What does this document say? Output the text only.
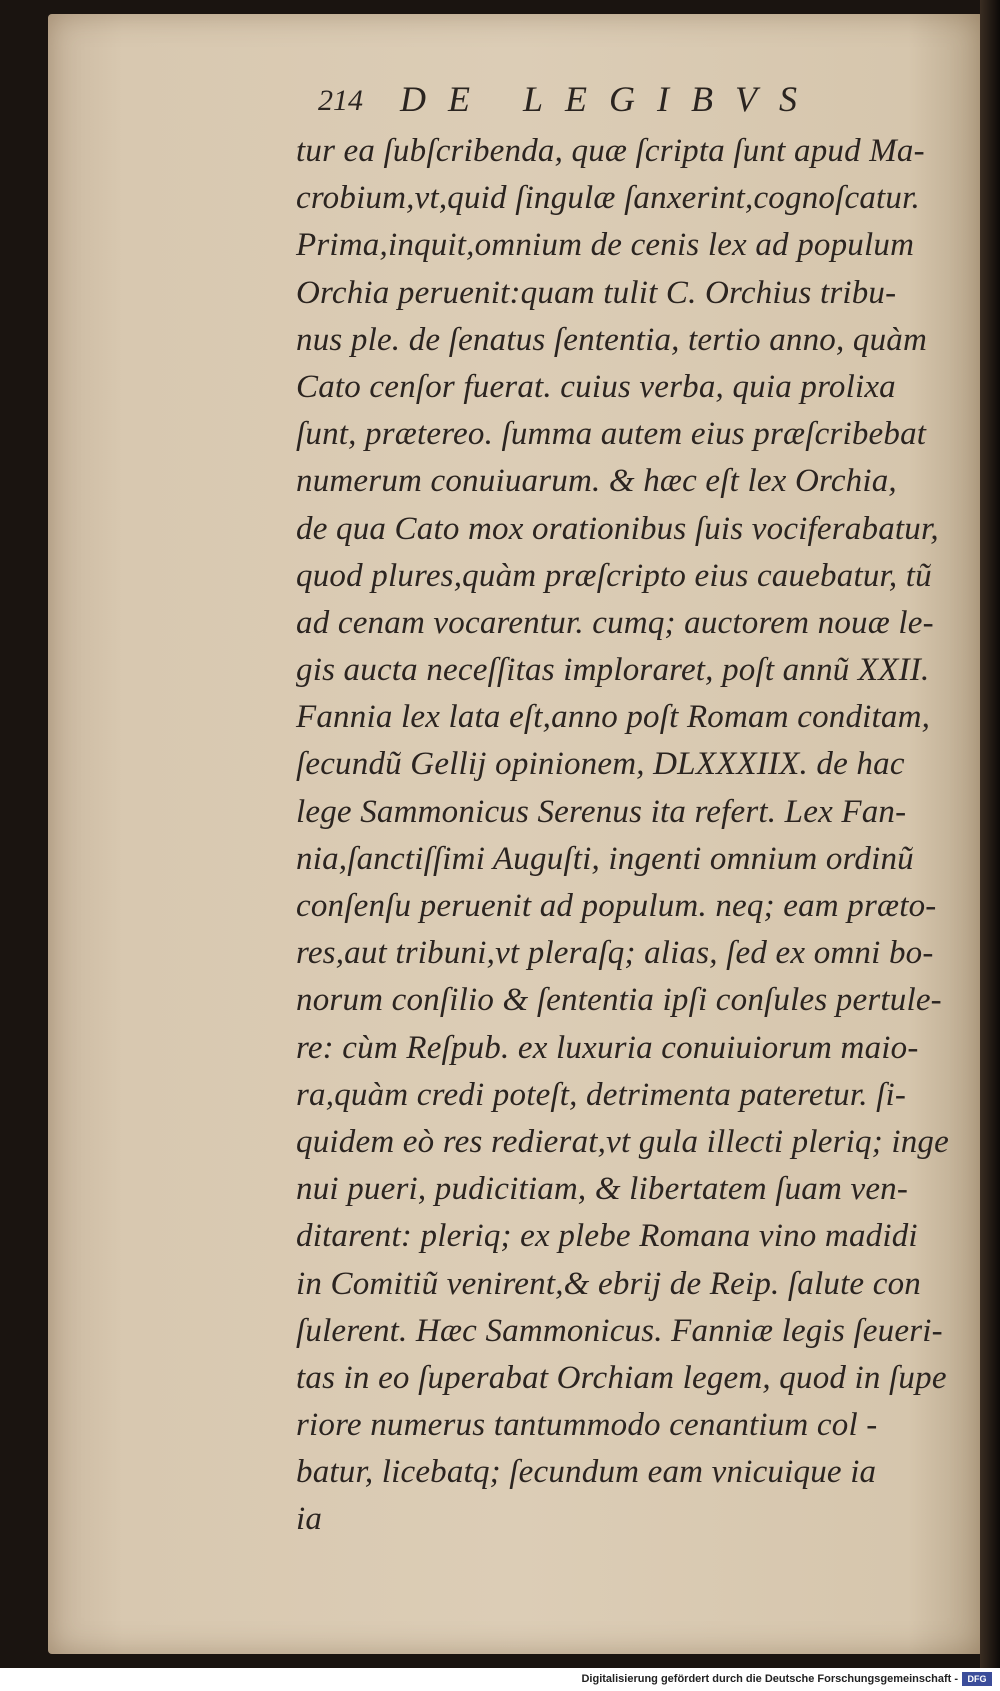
214 DE LEGIBVS
tur ea ſubſcribenda, quæ ſcripta ſunt apud Ma-
crobium,vt,quid ſingulæ ſanxerint,cognoſcatur.
Prima,inquit,omnium de cenis lex ad populum
Orchia peruenit:quam tulit C. Orchius tribu-
nus ple. de ſenatus ſententia, tertio anno, quàm
Cato cenſor fuerat. cuius verba, quia prolixa
ſunt, prætereo. ſumma autem eius præſcribebat
numerum conuiuarum. & hæc eſt lex Orchia,
de qua Cato mox orationibus ſuis vociferabatur,
quod plures,quàm præſcripto eius cauebatur, tũ
ad cenam vocarentur. cumq; auctorem nouæ le-
gis aucta neceſſitas imploraret, poſt annũ XXII.
Fannia lex lata eſt,anno poſt Romam conditam,
ſecundũ Gellij opinionem, DLXXXIIX. de hac
lege Sammonicus Serenus ita refert. Lex Fan-
nia,ſanctiſſimi Auguſti, ingenti omnium ordinũ
conſenſu peruenit ad populum. neq; eam præto-
res,aut tribuni,vt pleraſq; alias, ſed ex omni bo-
norum conſilio & ſententia ipſi conſules pertule-
re: cùm Reſpub. ex luxuria conuiuiorum maio-
ra,quàm credi poteſt, detrimenta pateretur. ſi-
quidem eò res redierat,vt gula illecti pleriq; inge
nui pueri, pudicitiam, & libertatem ſuam ven-
ditarent: pleriq; ex plebe Romana vino madidi
in Comitiũ venirent,& ebrij de Reip. ſalute con
ſulerent. Hæc Sammonicus. Fanniæ legis ſeueri-
tas in eo ſuperabat Orchiam legem, quod in ſupe
riore numerus tantummodo cenantium col -
batur, licebatq; ſecundum eam vnicuique ia
ia
Digitalisierung gefördert durch die Deutsche Forschungsgemeinschaft -	DFG
